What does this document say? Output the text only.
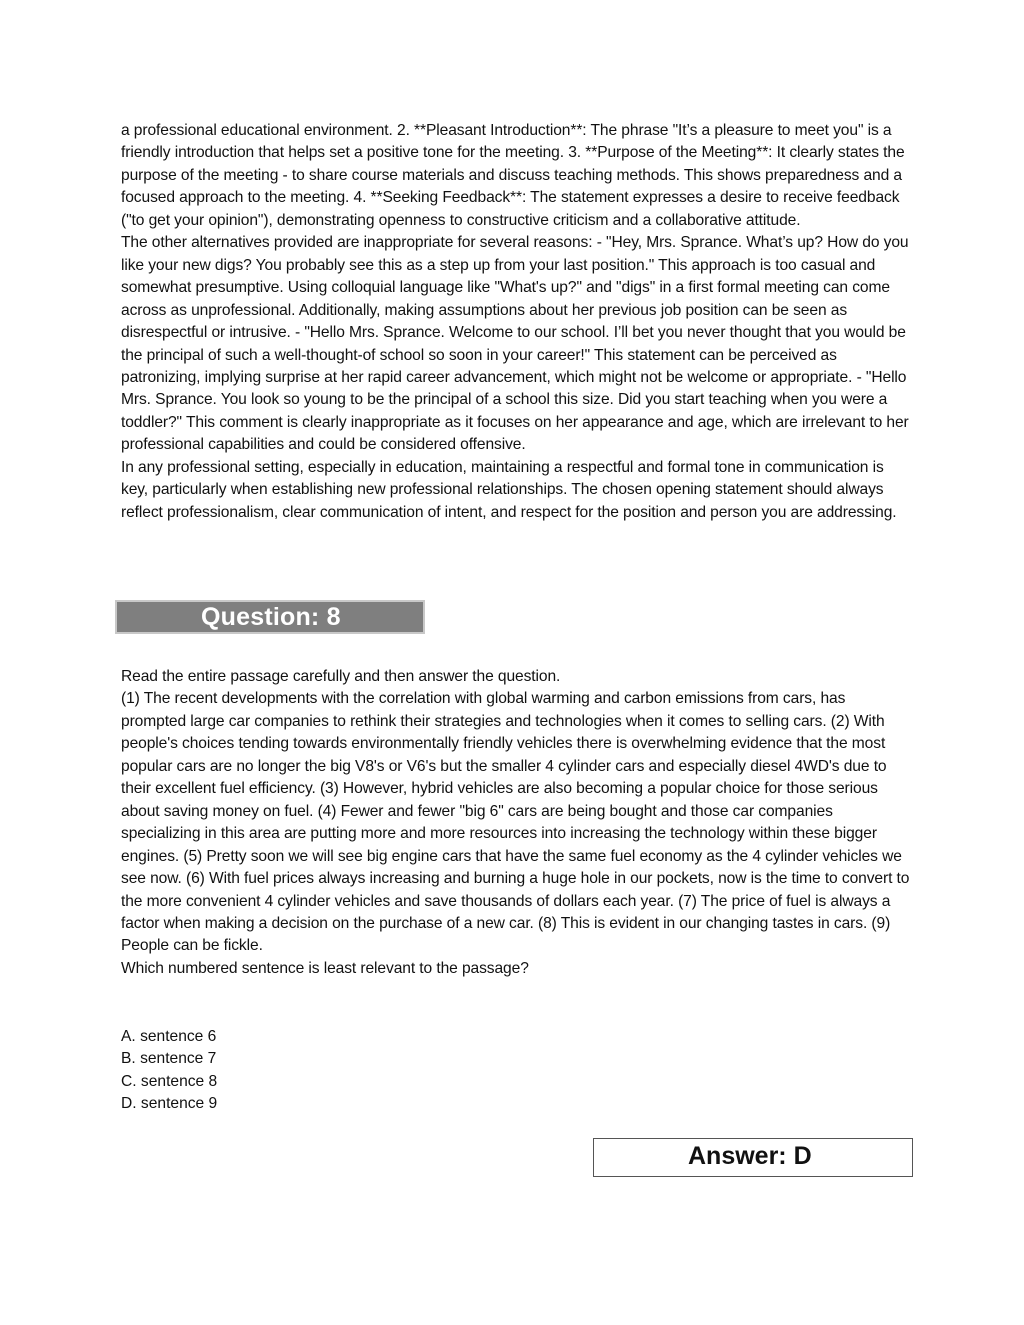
a professional educational environment. 2. **Pleasant Introduction**: The phrase "It’s a pleasure to meet you" is a friendly introduction that helps set a positive tone for the meeting. 3. **Purpose of the Meeting**: It clearly states the purpose of the meeting - to share course materials and discuss teaching methods. This shows preparedness and a focused approach to the meeting. 4. **Seeking Feedback**: The statement expresses a desire to receive feedback ("to get your opinion"), demonstrating openness to constructive criticism and a collaborative attitude.

The other alternatives provided are inappropriate for several reasons: - "Hey, Mrs. Sprance. What’s up? How do you like your new digs? You probably see this as a step up from your last position." This approach is too casual and somewhat presumptive. Using colloquial language like "What's up?" and "digs" in a first formal meeting can come across as unprofessional. Additionally, making assumptions about her previous job position can be seen as disrespectful or intrusive. - "Hello Mrs. Sprance. Welcome to our school. I’ll bet you never thought that you would be the principal of such a well-thought-of school so soon in your career!" This statement can be perceived as patronizing, implying surprise at her rapid career advancement, which might not be welcome or appropriate. - "Hello Mrs. Sprance. You look so young to be the principal of a school this size. Did you start teaching when you were a toddler?" This comment is clearly inappropriate as it focuses on her appearance and age, which are irrelevant to her professional capabilities and could be considered offensive.

In any professional setting, especially in education, maintaining a respectful and formal tone in communication is key, particularly when establishing new professional relationships. The chosen opening statement should always reflect professionalism, clear communication of intent, and respect for the position and person you are addressing.

Question: 8

Read the entire passage carefully and then answer the question.

(1) The recent developments with the correlation with global warming and carbon emissions from cars, has prompted large car companies to rethink their strategies and technologies when it comes to selling cars. (2) With people's choices tending towards environmentally friendly vehicles there is overwhelming evidence that the most popular cars are no longer the big V8's or V6's but the smaller 4 cylinder cars and especially diesel 4WD's due to their excellent fuel efficiency. (3) However, hybrid vehicles are also becoming a popular choice for those serious about saving money on fuel. (4) Fewer and fewer "big 6" cars are being bought and those car companies specializing in this area are putting more and more resources into increasing the technology within these bigger engines. (5) Pretty soon we will see big engine cars that have the same fuel economy as the 4 cylinder vehicles we see now. (6) With fuel prices always increasing and burning a huge hole in our pockets, now is the time to convert to the more convenient 4 cylinder vehicles and save thousands of dollars each year. (7) The price of fuel is always a factor when making a decision on the purchase of a new car. (8) This is evident in our changing tastes in cars. (9) People can be fickle.

Which numbered sentence is least relevant to the passage?

A. sentence 6
B. sentence 7
C. sentence 8
D. sentence 9
Answer: D
